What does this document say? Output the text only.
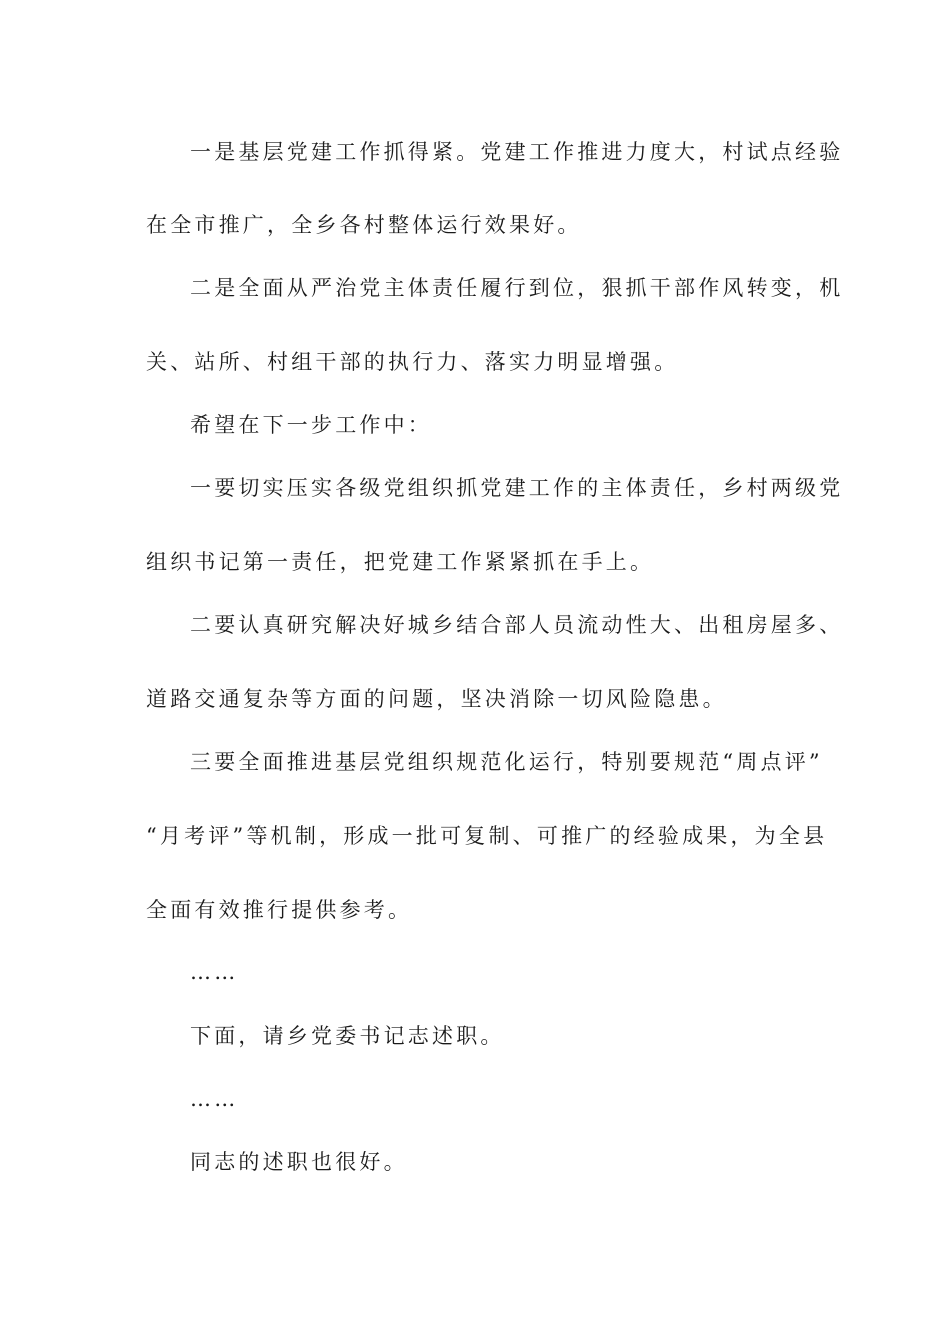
一是基层党建工作抓得紧。党建工作推进力度大，村试点经验
在全市推广，全乡各村整体运行效果好。
二是全面从严治党主体责任履行到位，狠抓干部作风转变，机
关、站所、村组干部的执行力、落实力明显增强。
希望在下一步工作中：
一要切实压实各级党组织抓党建工作的主体责任，乡村两级党
组织书记第一责任，把党建工作紧紧抓在手上。
二要认真研究解决好城乡结合部人员流动性大、出租房屋多、
道路交通复杂等方面的问题，坚决消除一切风险隐患。
三要全面推进基层党组织规范化运行，特别要规范“周点评”
“月考评”等机制，形成一批可复制、可推广的经验成果，为全县
全面有效推行提供参考。
……
下面，请乡党委书记志述职。
……
同志的述职也很好。
